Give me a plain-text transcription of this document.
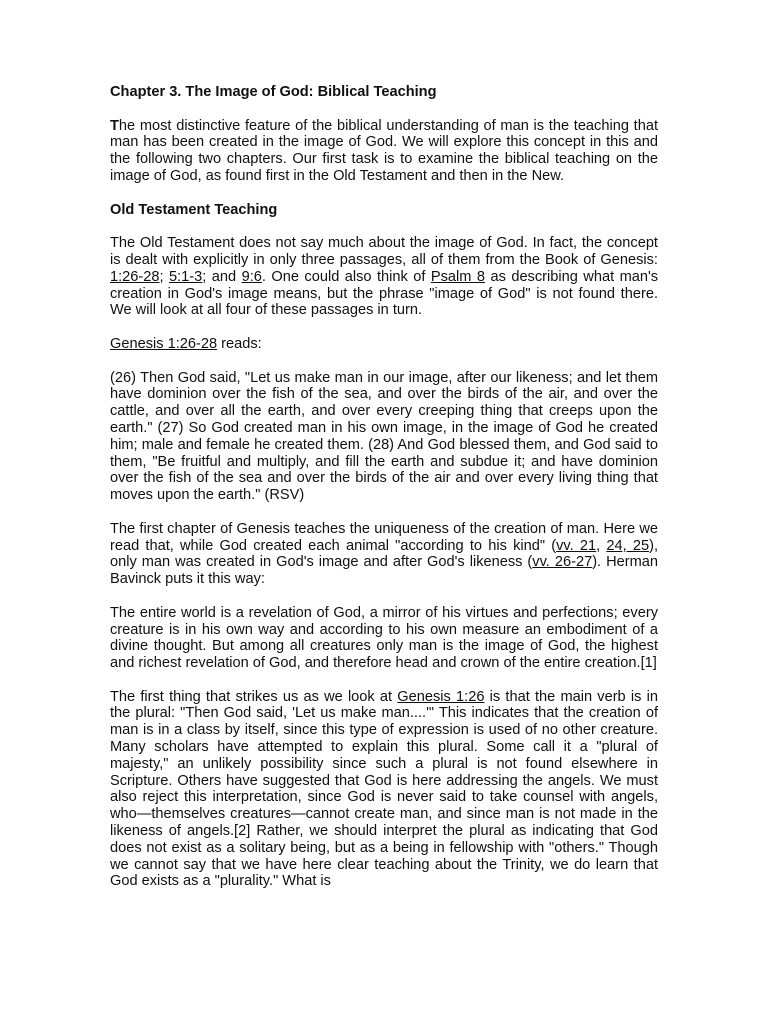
Chapter 3. The Image of God: Biblical Teaching

The most distinctive feature of the biblical understanding of man is the teaching that man has been created in the image of God. We will explore this concept in this and the following two chapters. Our first task is to examine the biblical teaching on the image of God, as found first in the Old Testament and then in the New.

Old Testament Teaching

The Old Testament does not say much about the image of God. In fact, the concept is dealt with explicitly in only three passages, all of them from the Book of Genesis: 1:26-28; 5:1-3; and 9:6. One could also think of Psalm 8 as describing what man's creation in God's image means, but the phrase "image of God" is not found there. We will look at all four of these passages in turn.

Genesis 1:26-28 reads:

(26) Then God said, "Let us make man in our image, after our likeness; and let them have dominion over the fish of the sea, and over the birds of the air, and over the cattle, and over all the earth, and over every creeping thing that creeps upon the earth." (27) So God created man in his own image, in the image of God he created him; male and female he created them. (28) And God blessed them, and God said to them, "Be fruitful and multiply, and fill the earth and subdue it; and have dominion over the fish of the sea and over the birds of the air and over every living thing that moves upon the earth." (RSV)

The first chapter of Genesis teaches the uniqueness of the creation of man. Here we read that, while God created each animal "according to his kind" (vv. 21, 24, 25), only man was created in God's image and after God's likeness (vv. 26-27). Herman Bavinck puts it this way:

The entire world is a revelation of God, a mirror of his virtues and perfections; every creature is in his own way and according to his own measure an embodiment of a divine thought. But among all creatures only man is the image of God, the highest and richest revelation of God, and therefore head and crown of the entire creation.[1]

The first thing that strikes us as we look at Genesis 1:26 is that the main verb is in the plural: "Then God said, 'Let us make man....'" This indicates that the creation of man is in a class by itself, since this type of expression is used of no other creature. Many scholars have attempted to explain this plural. Some call it a "plural of majesty," an unlikely possibility since such a plural is not found elsewhere in Scripture. Others have suggested that God is here addressing the angels. We must also reject this interpretation, since God is never said to take counsel with angels, who—themselves creatures—cannot create man, and since man is not made in the likeness of angels.[2] Rather, we should interpret the plural as indicating that God does not exist as a solitary being, but as a being in fellowship with "others." Though we cannot say that we have here clear teaching about the Trinity, we do learn that God exists as a "plurality." What is
